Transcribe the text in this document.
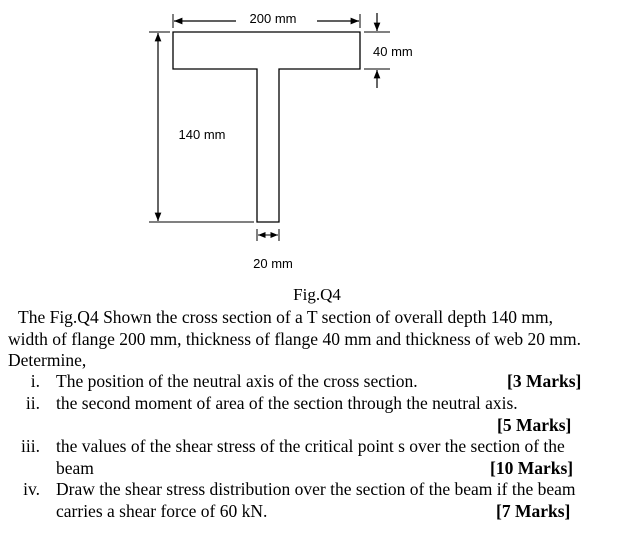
200 mm
40 mm
140 mm
20 mm
Fig.Q4
The Fig.Q4 Shown the cross section of a T section of overall depth 140 mm,
width of flange 200 mm, thickness of flange 40 mm and thickness of web 20 mm.
Determine,
i. The position of the neutral axis of the cross section.	[3 Marks]
ii. the second moment of area of the section through the neutral axis.
[5 Marks]
iii. the values of the shear stress of the critical point s over the section of the
beam	[10 Marks]
iv. Draw the shear stress distribution over the section of the beam if the beam
carries a shear force of 60 kN.	[7 Marks]
